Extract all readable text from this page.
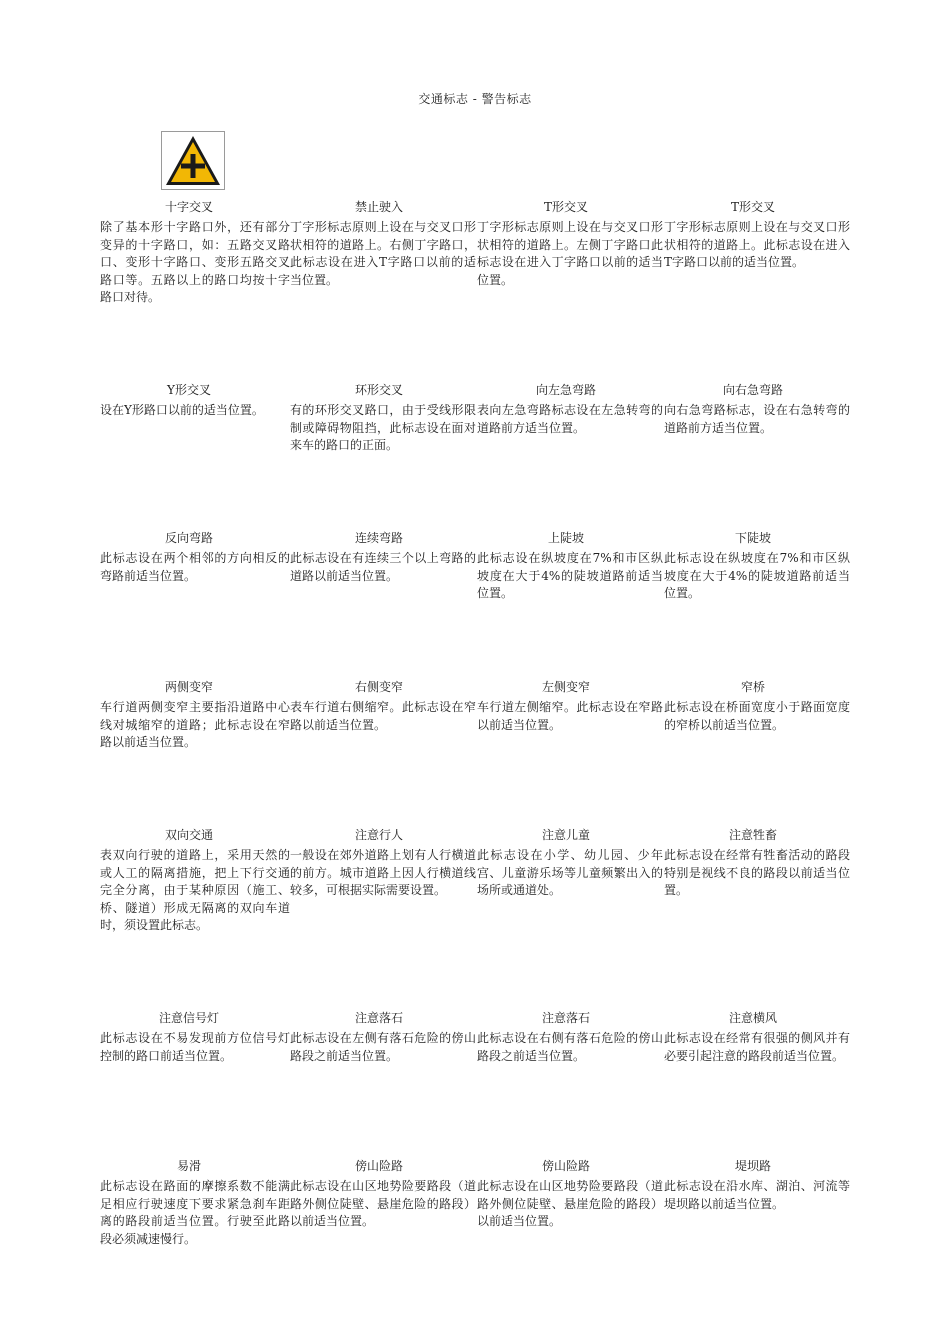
交通标志 - 警告标志
十字交叉
除了基本形十字路口外，还有部分变异的十字路口，如：五路交叉路口、变形十字路口、变形五路交叉路口等。五路以上的路口均按十字路口对待。
禁止驶入
丁字形标志原则上设在与交叉口形状相符的道路上。右侧丁字路口，此标志设在进入T字路口以前的适当位置。
T形交叉
丁字形标志原则上设在与交叉口形状相符的道路上。左侧丁字路口此标志设在进入丁字路口以前的适当位置。
T形交叉
丁字形标志原则上设在与交叉口形状相符的道路上。此标志设在进入T字路口以前的适当位置。
Y形交叉
设在Y形路口以前的适当位置。
环形交叉
有的环形交叉路口，由于受线形限制或障碍物阻挡，此标志设在面对来车的路口的正面。
向左急弯路
表向左急弯路标志设在左急转弯的道路前方适当位置。
向右急弯路
向右急弯路标志，设在右急转弯的道路前方适当位置。
反向弯路
此标志设在两个相邻的方向相反的弯路前适当位置。
连续弯路
此标志设在有连续三个以上弯路的道路以前适当位置。
上陡坡
此标志设在纵坡度在7%和市区纵坡度在大于4%的陡坡道路前适当位置。
下陡坡
此标志设在纵坡度在7%和市区纵坡度在大于4%的陡坡道路前适当位置。
两侧变窄
车行道两侧变窄主要指沿道路中心线对城缩窄的道路；此标志设在窄路以前适当位置。
右侧变窄
表车行道右侧缩窄。此标志设在窄路以前适当位置。
左侧变窄
车行道左侧缩窄。此标志设在窄路以前适当位置。
窄桥
此标志设在桥面宽度小于路面宽度的窄桥以前适当位置。
双向交通
表双向行驶的道路上，采用天然的或人工的隔离措施，把上下行交通完全分离，由于某种原因（施工、桥、隧道）形成无隔离的双向车道时，须设置此标志。
注意行人
一般设在郊外道路上划有人行横道的前方。城市道路上因人行横道线较多，可根据实际需要设置。
注意儿童
此标志设在小学、幼儿园、少年宫、儿童游乐场等儿童频繁出入的场所或通道处。
注意牲畜
此标志设在经常有牲畜活动的路段特别是视线不良的路段以前适当位置。
注意信号灯
此标志设在不易发现前方位信号灯控制的路口前适当位置。
注意落石
此标志设在左侧有落石危险的傍山路段之前适当位置。
注意落石
此标志设在右侧有落石危险的傍山路段之前适当位置。
注意横风
此标志设在经常有很强的侧风并有必要引起注意的路段前适当位置。
易滑
此标志设在路面的摩擦系数不能满足相应行驶速度下要求紧急刹车距离的路段前适当位置。行驶至此路段必须减速慢行。
傍山险路
此标志设在山区地势险要路段（道路外侧位陡壁、悬崖危险的路段）以前适当位置。
傍山险路
此标志设在山区地势险要路段（道路外侧位陡壁、悬崖危险的路段）以前适当位置。
堤坝路
此标志设在沿水库、湖泊、河流等堤坝路以前适当位置。
